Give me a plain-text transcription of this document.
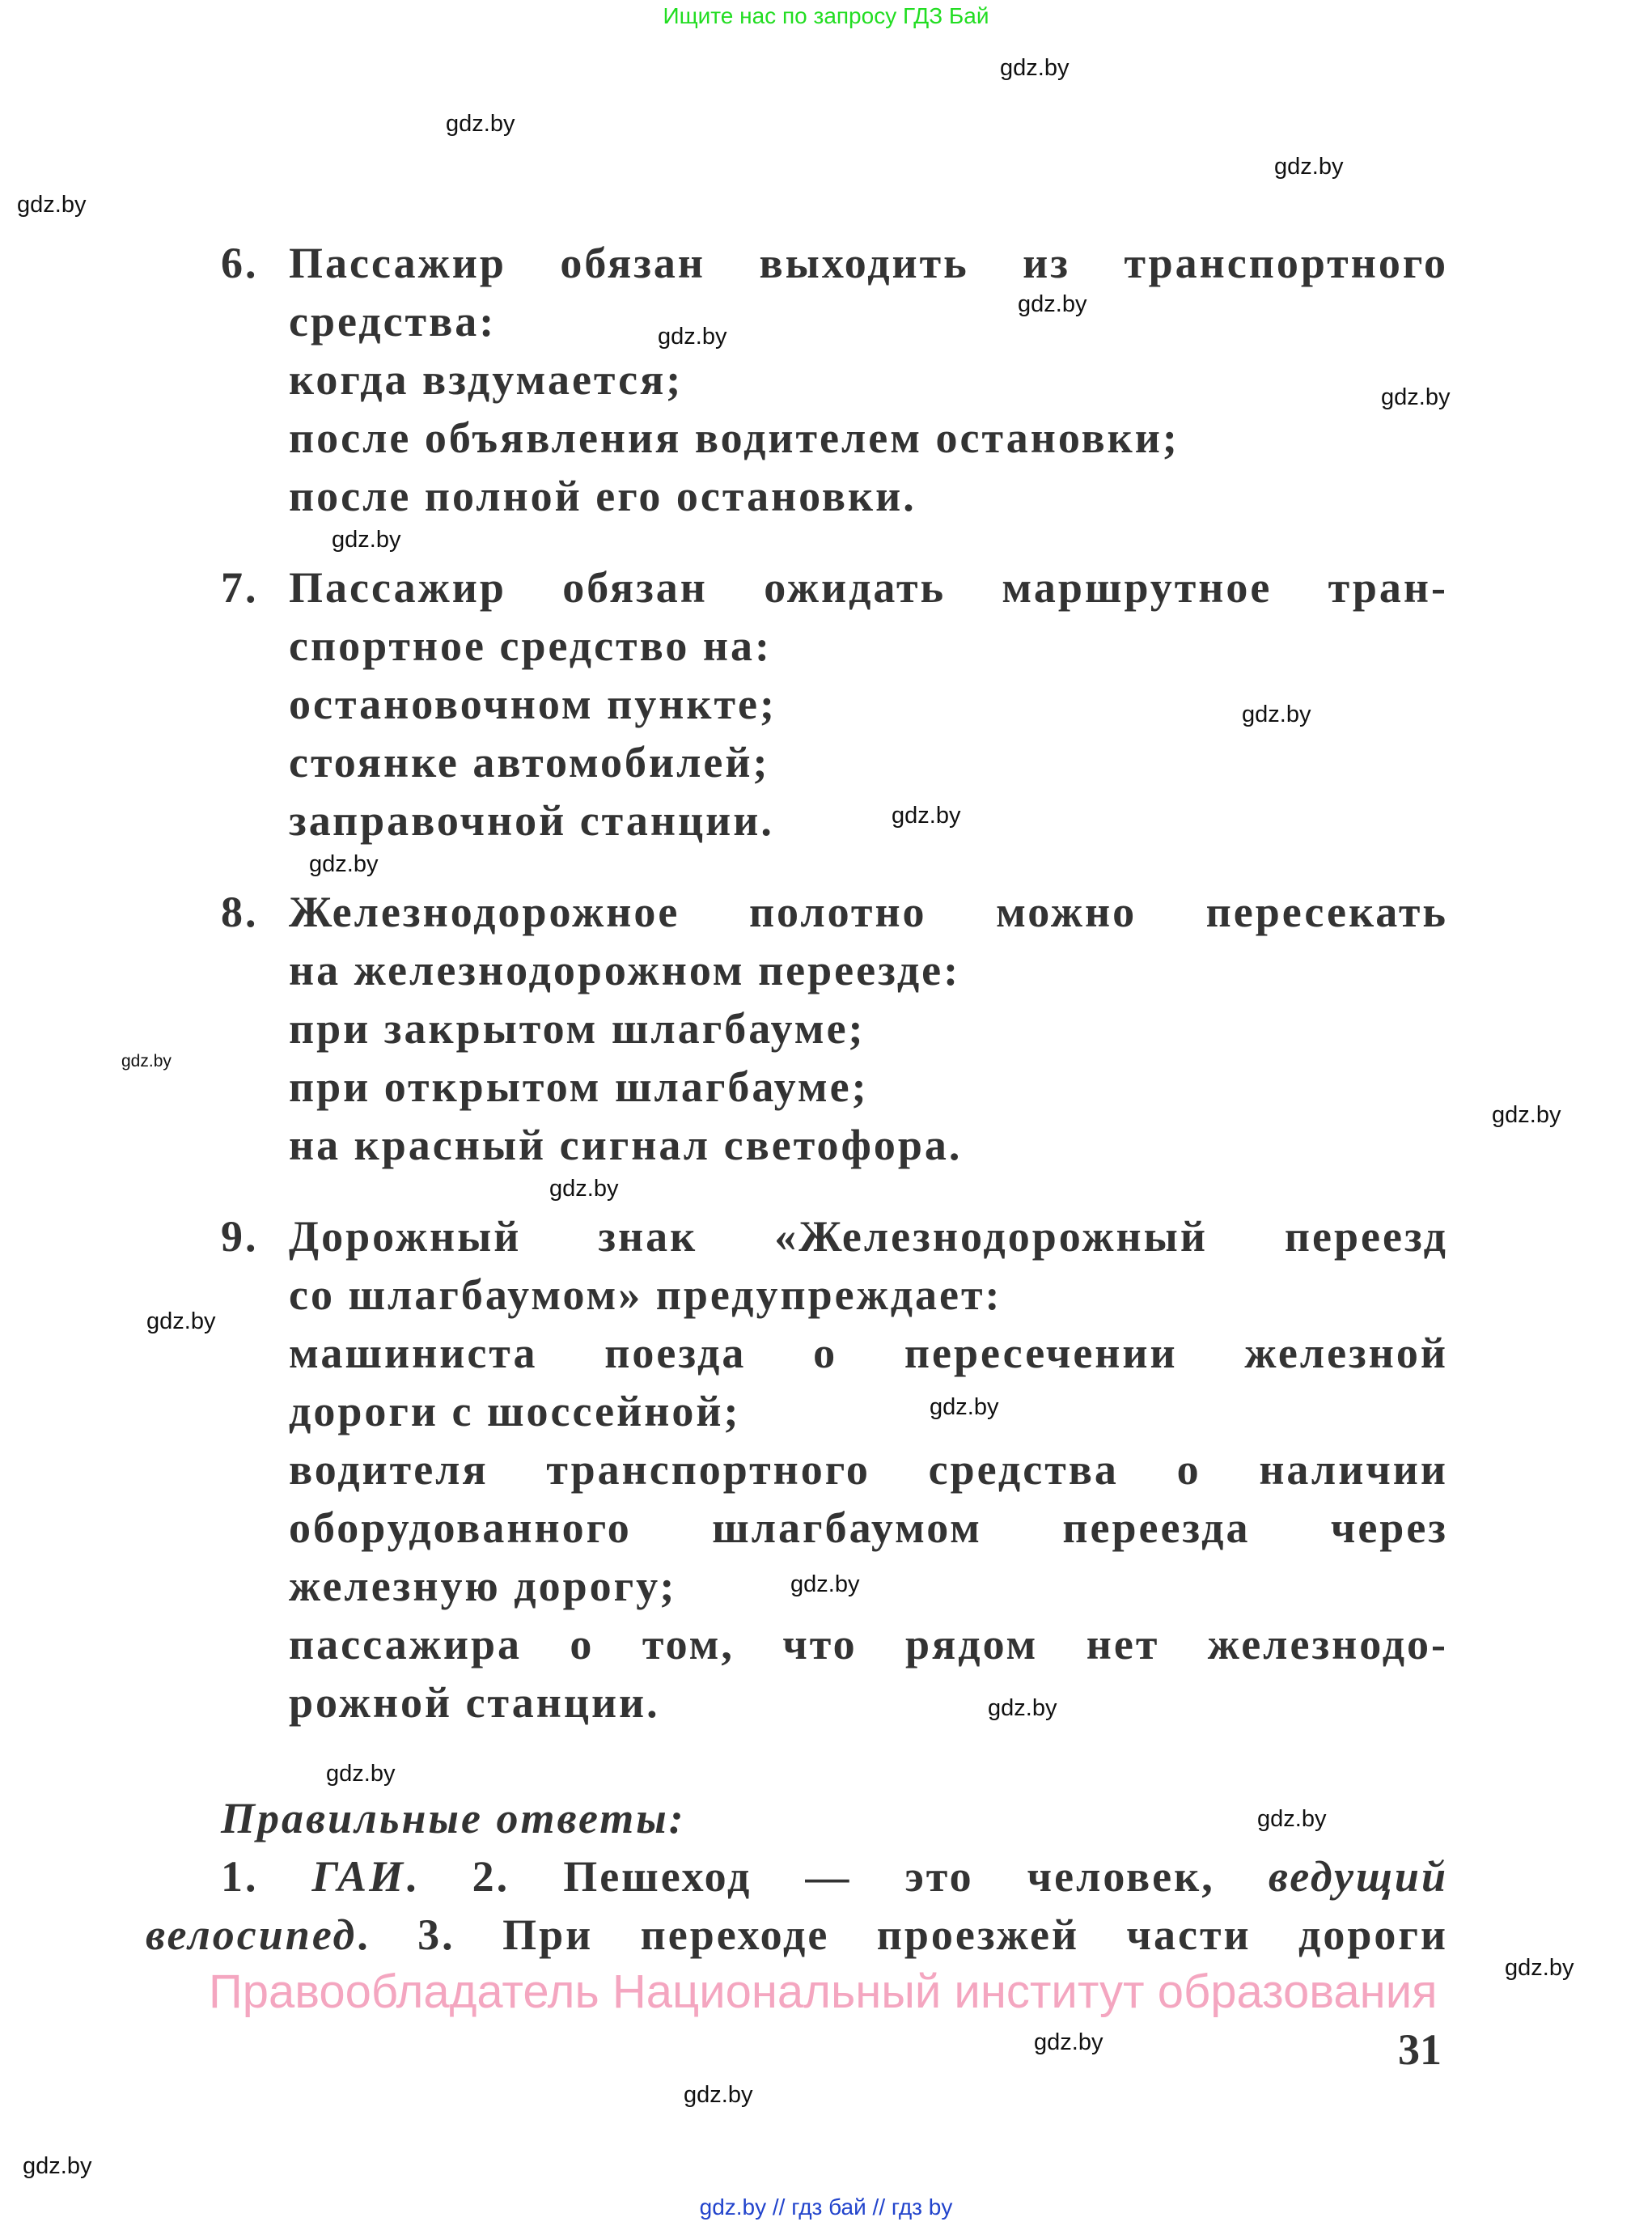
Ищите нас по запросу ГДЗ Бай
6. Пассажир обязан выходить из транспортного
средства:
когда вздумается;
после объявления водителем остановки;
после полной его остановки.
7. Пассажир обязан ожидать маршрутное тран-
спортное средство на:
остановочном пункте;
стоянке автомобилей;
заправочной станции.
8. Железнодорожное полотно можно пересекать
на железнодорожном переезде:
при закрытом шлагбауме;
при открытом шлагбауме;
на красный сигнал светофора.
9. Дорожный знак «Железнодорожный переезд
со шлагбаумом» предупреждает:
машиниста поезда о пересечении железной
дороги с шоссейной;
водителя транспортного средства о наличии
оборудованного шлагбаумом переезда через
железную дорогу;
пассажира о том, что рядом нет железнодо-
рожной станции.
Правильные ответы:
1. ГАИ. 2. Пешеход — это человек, ведущий
велосипед. 3. При переходе проезжей части дороги
Правообладатель Национальный институт образования
31
gdz.by
gdz.by
gdz.by
gdz.by
gdz.by
gdz.by
gdz.by
gdz.by
gdz.by
gdz.by
gdz.by
gdz.by
gdz.by
gdz.by
gdz.by
gdz.by
gdz.by
gdz.by
gdz.by
gdz.by
gdz.by
gdz.by
gdz.by
gdz.by
gdz.by // гдз бай // гдз by
